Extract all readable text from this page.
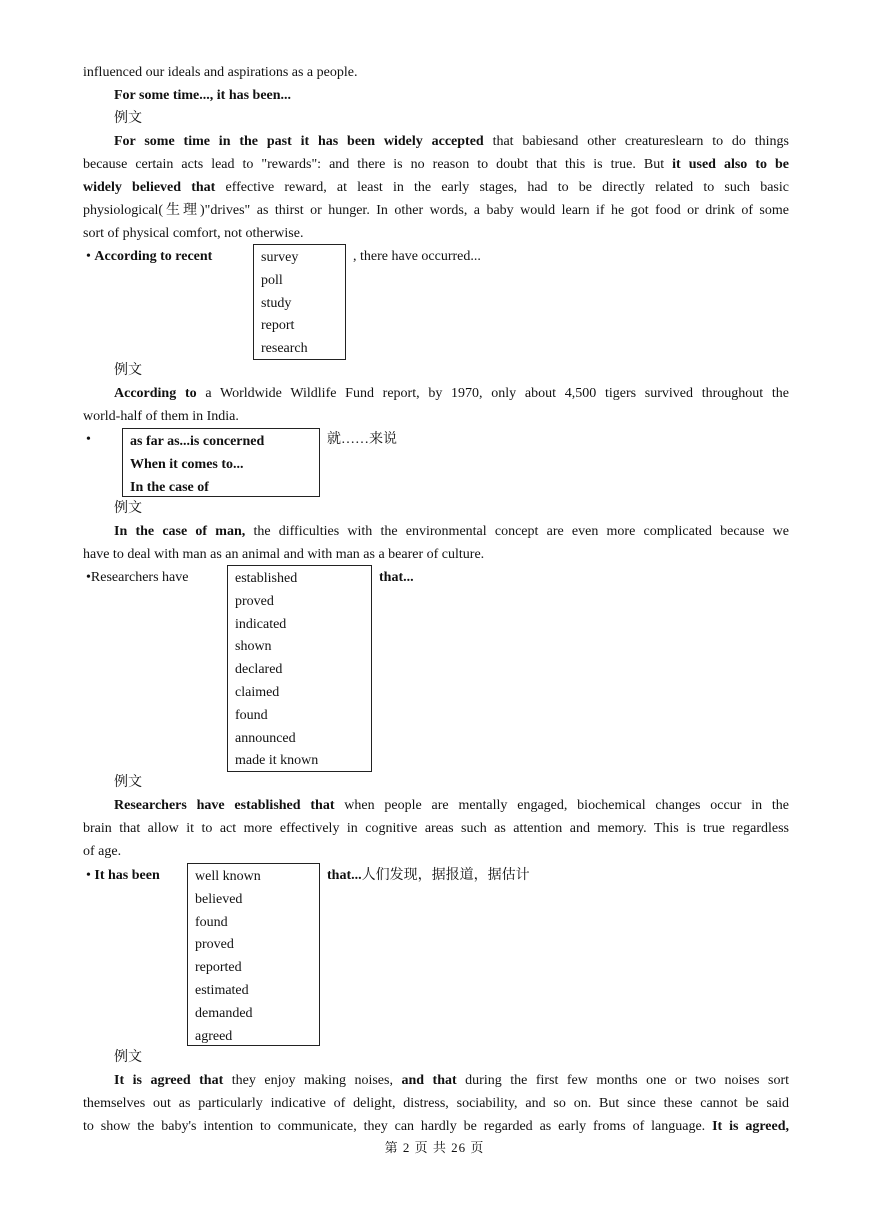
influenced our ideals and aspirations as a people.
For some time..., it has been...
例文
For some time in the past it has been widely accepted that babiesand other creatureslearn to do things
because certain acts lead to "rewards": and there is no reason to doubt that this is true. But it used also to be
widely believed that effective reward, at least in the early stages, had to be directly related to such basic
physiological(生理)"drives" as thirst or hunger. In other words, a baby would learn if he got food or drink of some
sort of physical comfort, not otherwise.
• According to recent	survey
poll
study
report
research
, there have occurred...
例文
According to a Worldwide Wildlife Fund report, by 1970, only about 4,500 tigers survived throughout the
world-half of them in India.
•	as far as...is concerned
When it comes to...
In the case of
就……来说
例文
In the case of man, the difficulties with the environmental concept are even more complicated because we
have to deal with man as an animal and with man as a bearer of culture.
•Researchers have	established
proved
indicated
shown
declared
claimed
found
announced
made it known
that...
例文
Researchers have established that when people are mentally engaged, biochemical changes occur in the
brain that allow it to act more effectively in cognitive areas such as attention and memory. This is true regardless
of age.
• It has been	well known
believed
found
proved
reported
estimated
demanded
agreed
that...人们发现，据报道，据估计
例文
It is agreed that they enjoy making noises, and that during the first few months one or two noises sort
themselves out as particularly indicative of delight, distress, sociability, and so on. But since these cannot be said
to show the baby's intention to communicate, they can hardly be regarded as early froms of language. It is agreed,
第 2 页 共 26 页
